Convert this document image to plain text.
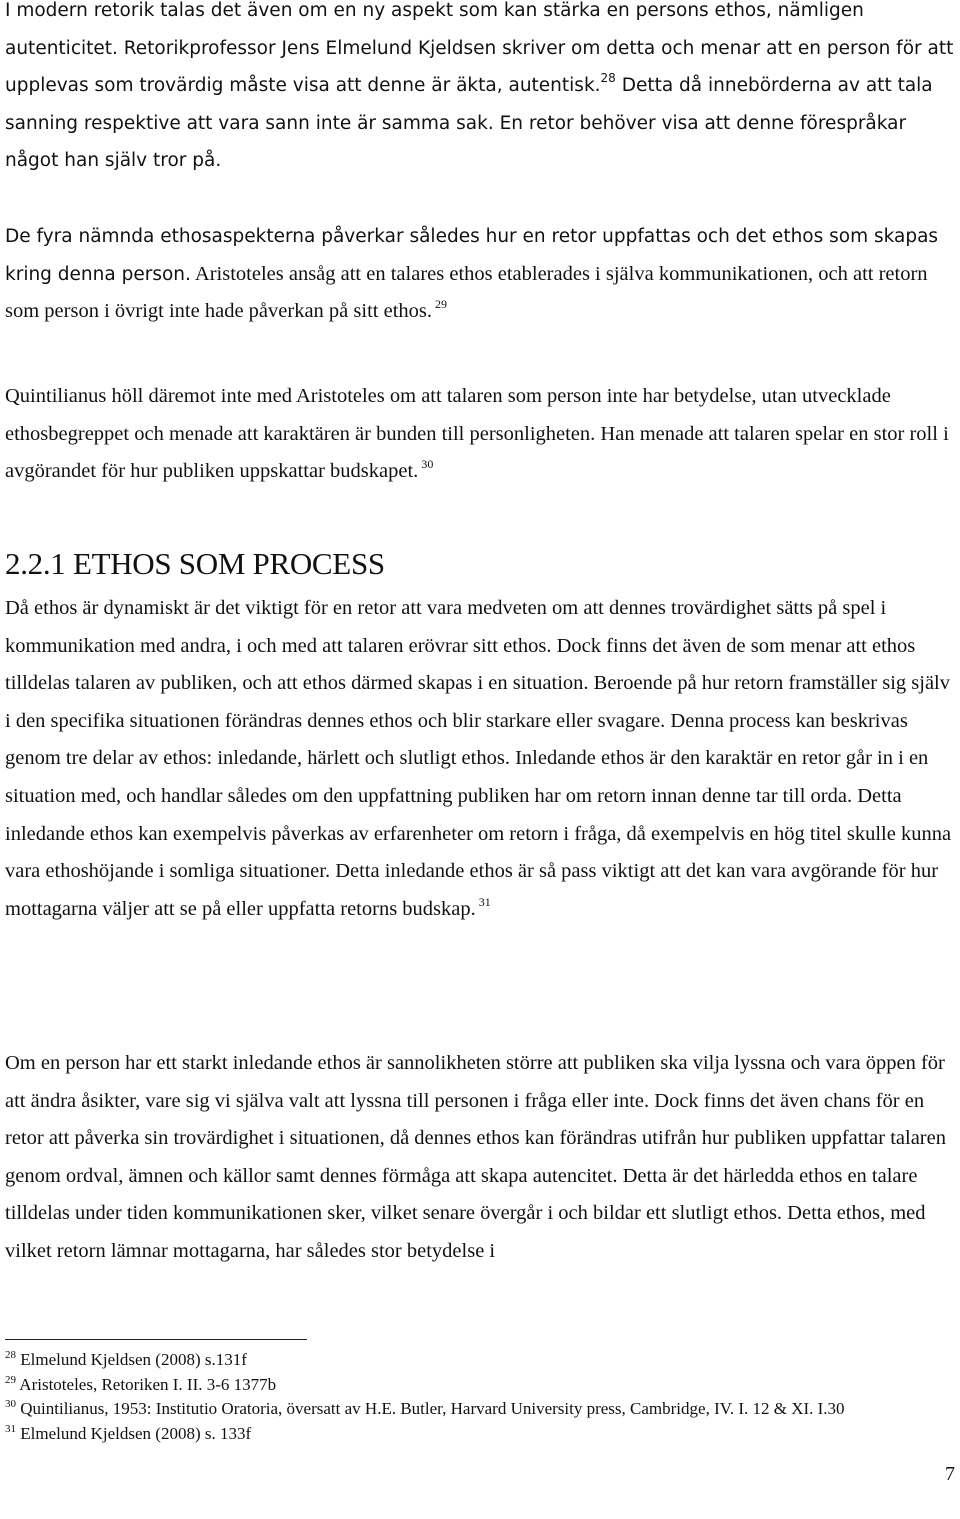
I modern retorik talas det även om en ny aspekt som kan stärka en persons ethos, nämligen autenticitet. Retorikprofessor Jens Elmelund Kjeldsen skriver om detta och menar att en person för att upplevas som trovärdig måste visa att denne är äkta, autentisk.$^{28}$ Detta då innebörderna av att tala sanning respektive att vara sann inte är samma sak. En retor behöver visa att denne förespråkar något han själv tror på.

De fyra nämnda ethosaspekterna påverkar således hur en retor uppfattas och det ethos som skapas kring denna person. Aristoteles ansåg att en talares ethos etablerades i själva kommunikationen, och att retorn som person i övrigt inte hade påverkan på sitt ethos. $^{29}$

Quintilianus höll däremot inte med Aristoteles om att talaren som person inte har betydelse, utan utvecklade ethosbegreppet och menade att karaktären är bunden till personligheten. Han menade att talaren spelar en stor roll i avgörandet för hur publiken uppskattar budskapet. $^{30}$

2.2.1 ETHOS SOM PROCESS

Då ethos är dynamiskt är det viktigt för en retor att vara medveten om att dennes trovärdighet sätts på spel i kommunikation med andra, i och med att talaren erövrar sitt ethos. Dock finns det även de som menar att ethos tilldelas talaren av publiken, och att ethos därmed skapas i en situation. Beroende på hur retorn framställer sig själv i den specifika situationen förändras dennes ethos och blir starkare eller svagare. Denna process kan beskrivas genom tre delar av ethos: inledande, härlett och slutligt ethos. Inledande ethos är den karaktär en retor går in i en situation med, och handlar således om den uppfattning publiken har om retorn innan denne tar till orda. Detta inledande ethos kan exempelvis påverkas av erfarenheter om retorn i fråga, då exempelvis en hög titel skulle kunna vara ethoshöjande i somliga situationer. Detta inledande ethos är så pass viktigt att det kan vara avgörande för hur mottagarna väljer att se på eller uppfatta retorns budskap. $^{31}$

Om en person har ett starkt inledande ethos är sannolikheten större att publiken ska vilja lyssna och vara öppen för att ändra åsikter, vare sig vi själva valt att lyssna till personen i fråga eller inte. Dock finns det även chans för en retor att påverka sin trovärdighet i situationen, då dennes ethos kan förändras utifrån hur publiken uppfattar talaren genom ordval, ämnen och källor samt dennes förmåga att skapa autencitet. Detta är det härledda ethos en talare tilldelas under tiden kommunikationen sker, vilket senare övergår i och bildar ett slutligt ethos. Detta ethos, med vilket retorn lämnar mottagarna, har således stor betydelse i

$^{28}$ Elmelund Kjeldsen (2008) s.131f

$^{29}$ Aristoteles, Retoriken I. II. 3-6 1377b

$^{30}$ Quintilianus, 1953: Institutio Oratoria, översatt av H.E. Butler, Harvard University press, Cambridge, IV. I. 12 & XI. I.30

$^{31}$ Elmelund Kjeldsen (2008) s. 133f

7
